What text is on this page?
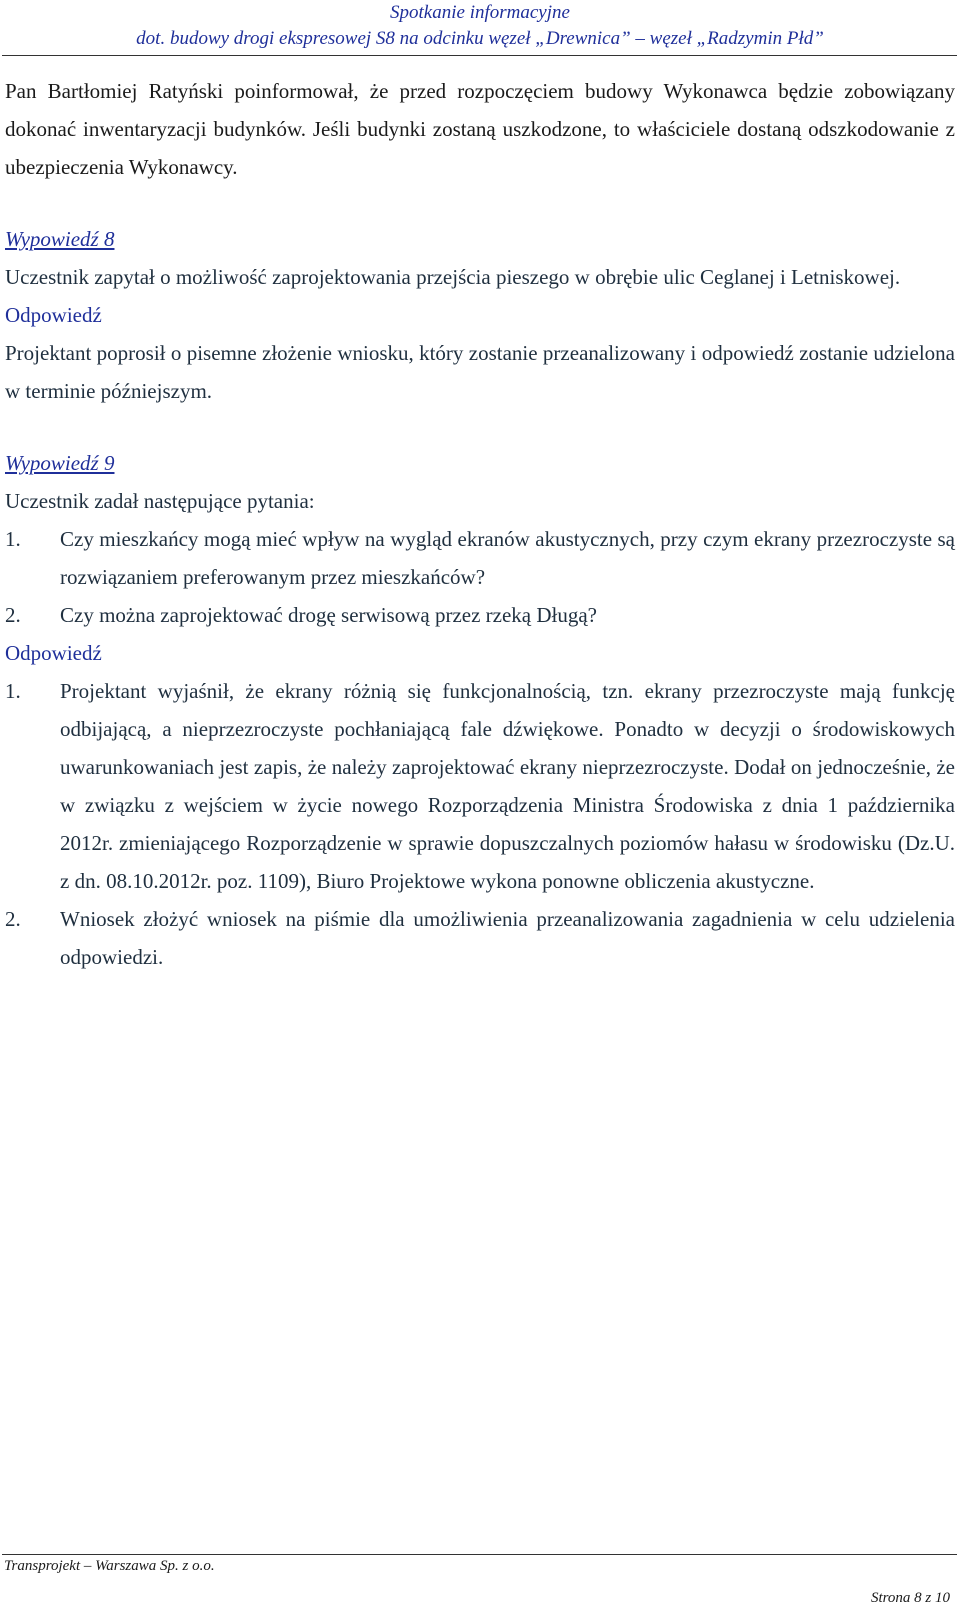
Spotkanie informacyjne
dot. budowy drogi ekspresowej S8 na odcinku węzeł „Drewnica” – węzeł „Radzymin Płd”

Pan Bartłomiej Ratyński poinformował, że przed rozpoczęciem budowy Wykonawca będzie zobowiązany dokonać inwentaryzacji budynków. Jeśli budynki zostaną uszkodzone, to właściciele dostaną odszkodowanie z ubezpieczenia Wykonawcy.

Wypowiedź 8

Uczestnik zapytał o możliwość zaprojektowania przejścia pieszego w obrębie ulic Ceglanej i Letniskowej.

Odpowiedź

Projektant poprosił o pisemne złożenie wniosku, który zostanie przeanalizowany i odpowiedź zostanie udzielona w terminie późniejszym.

Wypowiedź 9

Uczestnik zadał następujące pytania:

1. Czy mieszkańcy mogą mieć wpływ na wygląd ekranów akustycznych, przy czym ekrany przezroczyste są rozwiązaniem preferowanym przez mieszkańców?
2. Czy można zaprojektować drogę serwisową przez rzeką Długą?

Odpowiedź

1. Projektant wyjaśnił, że ekrany różnią się funkcjonalnością, tzn. ekrany przezroczyste mają funkcję odbijającą, a nieprzezroczyste pochłaniającą fale dźwiękowe. Ponadto w decyzji o środowiskowych uwarunkowaniach jest zapis, że należy zaprojektować ekrany nieprzezroczyste. Dodał on jednocześnie, że w związku z wejściem w życie nowego Rozporządzenia Ministra Środowiska z dnia 1 października 2012r. zmieniającego Rozporządzenie w sprawie dopuszczalnych poziomów hałasu w środowisku (Dz.U. z dn. 08.10.2012r. poz. 1109), Biuro Projektowe wykona ponowne obliczenia akustyczne.
2. Wniosek złożyć wniosek na piśmie dla umożliwienia przeanalizowania zagadnienia w celu udzielenia odpowiedzi.
Transprojekt – Warszawa Sp. z o.o.
Strona 8 z 10
